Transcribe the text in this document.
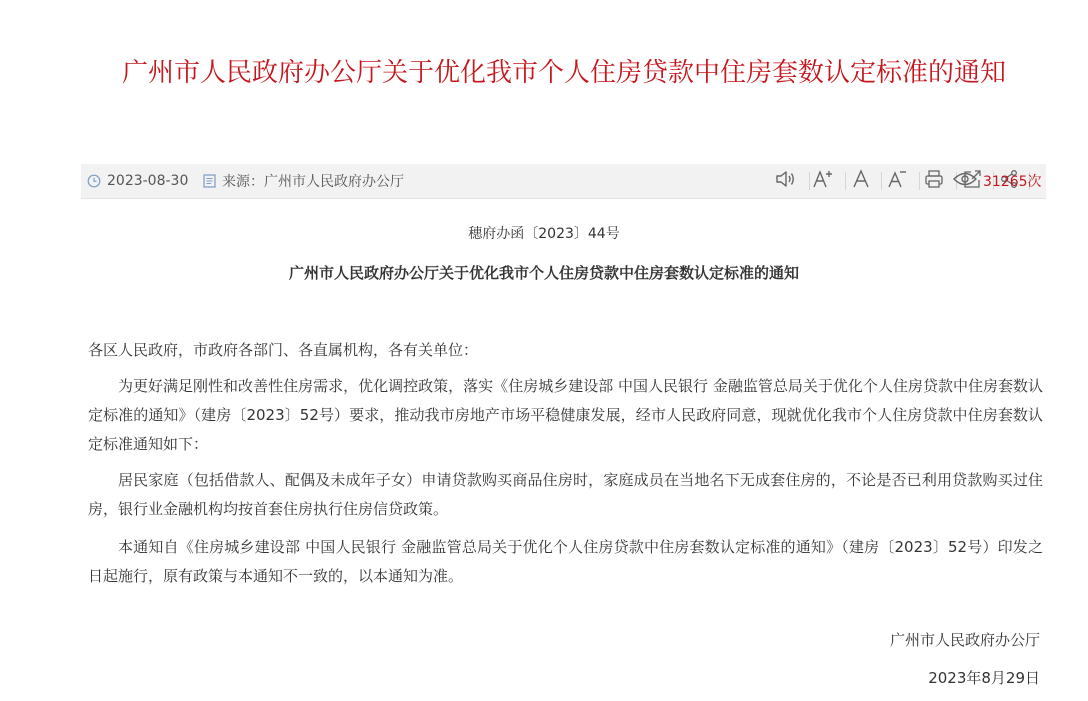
广州市人民政府办公厅关于优化我市个人住房贷款中住房套数认定标准的通知
2023-08-30 来源：广州市人民政府办公厅	31265次
穗府办函〔2023〕44号
广州市人民政府办公厅关于优化我市个人住房贷款中住房套数认定标准的通知

各区人民政府，市政府各部门、各直属机构，各有关单位：

为更好满足刚性和改善性住房需求，优化调控政策，落实《住房城乡建设部 中国人民银行 金融监管总局关于优化个人住房贷款中住房套数认定标准的通知》（建房〔2023〕52号）要求，推动我市房地产市场平稳健康发展，经市人民政府同意，现就优化我市个人住房贷款中住房套数认定标准通知如下：

居民家庭（包括借款人、配偶及未成年子女）申请贷款购买商品住房时，家庭成员在当地名下无成套住房的，不论是否已利用贷款购买过住房，银行业金融机构均按首套住房执行住房信贷政策。

本通知自《住房城乡建设部 中国人民银行 金融监管总局关于优化个人住房贷款中住房套数认定标准的通知》（建房〔2023〕52号）印发之日起施行，原有政策与本通知不一致的，以本通知为准。

广州市人民政府办公厅
2023年8月29日
